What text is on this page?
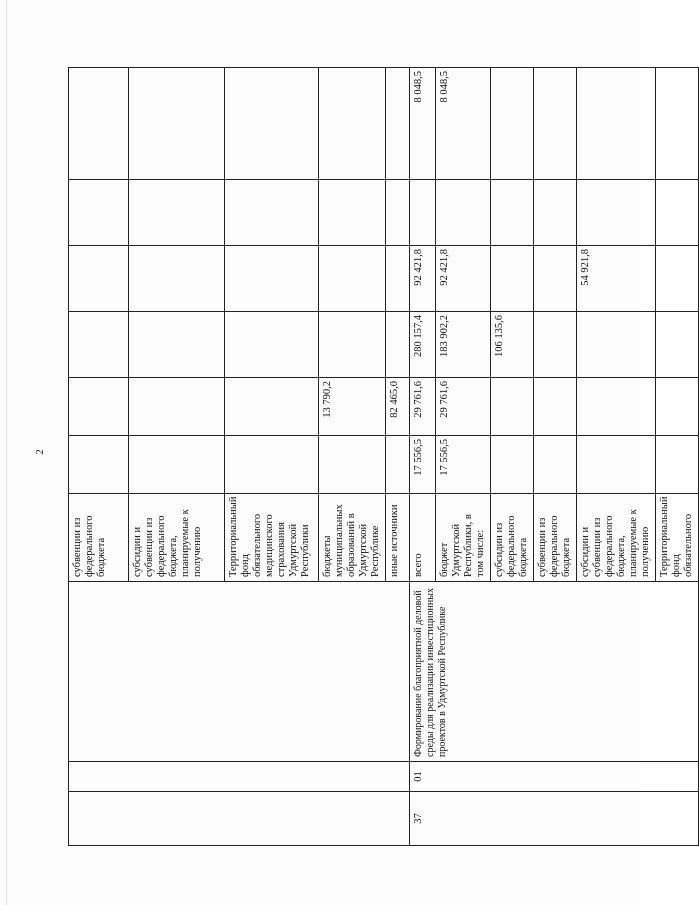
2
			субвенции из федерального бюджета						
			субсидии и субвенции из федерального бюджета, планируемые к получению						
			Территориальный фонд обязательного медицинского страхования Удмуртской Республики						
			бюджеты муниципальных образований в Удмуртской Республике		13 790,2				
			иные источники		82 465,0				
37	01	Формирование благоприятной деловой среды для реализации инвестиционных проектов в Удмуртской Республике	всего	17 556,5	29 761,6	280 157,4	92 421,8		8 048,5
			бюджет Удмуртской Республики, в том числе:	17 556,5	29 761,6	183 902,2	92 421,8		8 048,5
			субсидии из федерального бюджета			106 135,6			
			субвенции из федерального бюджета						
			субсидии и субвенции из федерального бюджета, планируемые к получению				54 921,8		
			Территориальный фонд обязательного						
